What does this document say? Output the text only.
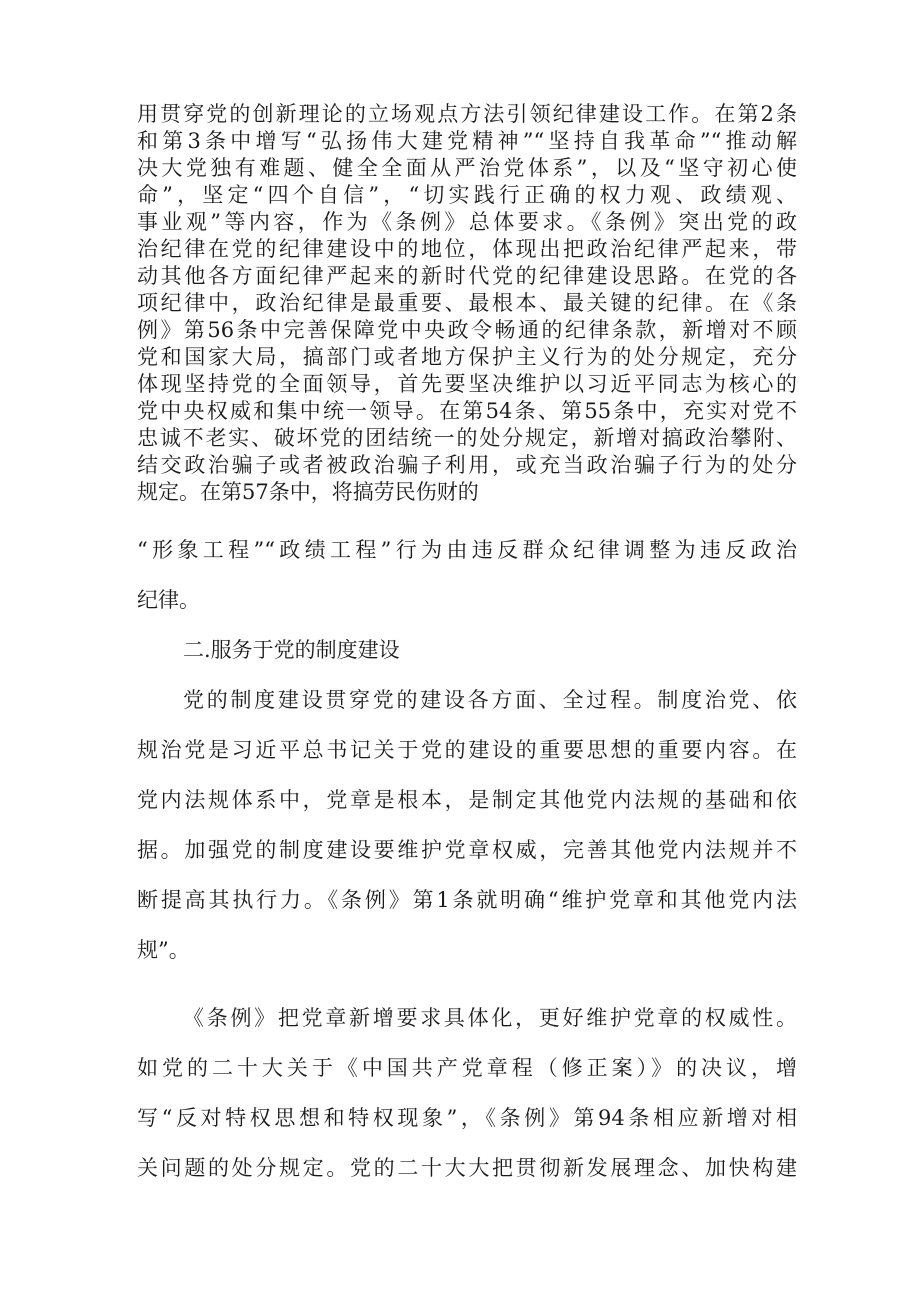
用贯穿党的创新理论的立场观点方法引领纪律建设工作。在第2条
和第3条中增写“弘扬伟大建党精神”“坚持自我革命”“推动解
决大党独有难题、健全全面从严治党体系”，以及“坚守初心使
命”，坚定“四个自信”，“切实践行正确的权力观、政绩观、
事业观”等内容，作为《条例》总体要求。《条例》突出党的政
治纪律在党的纪律建设中的地位，体现出把政治纪律严起来，带
动其他各方面纪律严起来的新时代党的纪律建设思路。在党的各
项纪律中，政治纪律是最重要、最根本、最关键的纪律。在《条
例》第56条中完善保障党中央政令畅通的纪律条款，新增对不顾
党和国家大局，搞部门或者地方保护主义行为的处分规定，充分
体现坚持党的全面领导，首先要坚决维护以习近平同志为核心的
党中央权威和集中统一领导。在第54条、第55条中，充实对党不
忠诚不老实、破坏党的团结统一的处分规定，新增对搞政治攀附、
结交政治骗子或者被政治骗子利用，或充当政治骗子行为的处分
规定。在第57条中，将搞劳民伤财的
“形象工程”“政绩工程”行为由违反群众纪律调整为违反政治
纪律。
二.服务于党的制度建设
党的制度建设贯穿党的建设各方面、全过程。制度治党、依
规治党是习近平总书记关于党的建设的重要思想的重要内容。在
党内法规体系中，党章是根本，是制定其他党内法规的基础和依
据。加强党的制度建设要维护党章权威，完善其他党内法规并不
断提高其执行力。《条例》第1条就明确“维护党章和其他党内法
规”。
《条例》把党章新增要求具体化，更好维护党章的权威性。
如党的二十大关于《中国共产党章程（修正案）》的决议，增
写“反对特权思想和特权现象”，《条例》第94条相应新增对相
关问题的处分规定。党的二十大大把贯彻新发展理念、加快构建
